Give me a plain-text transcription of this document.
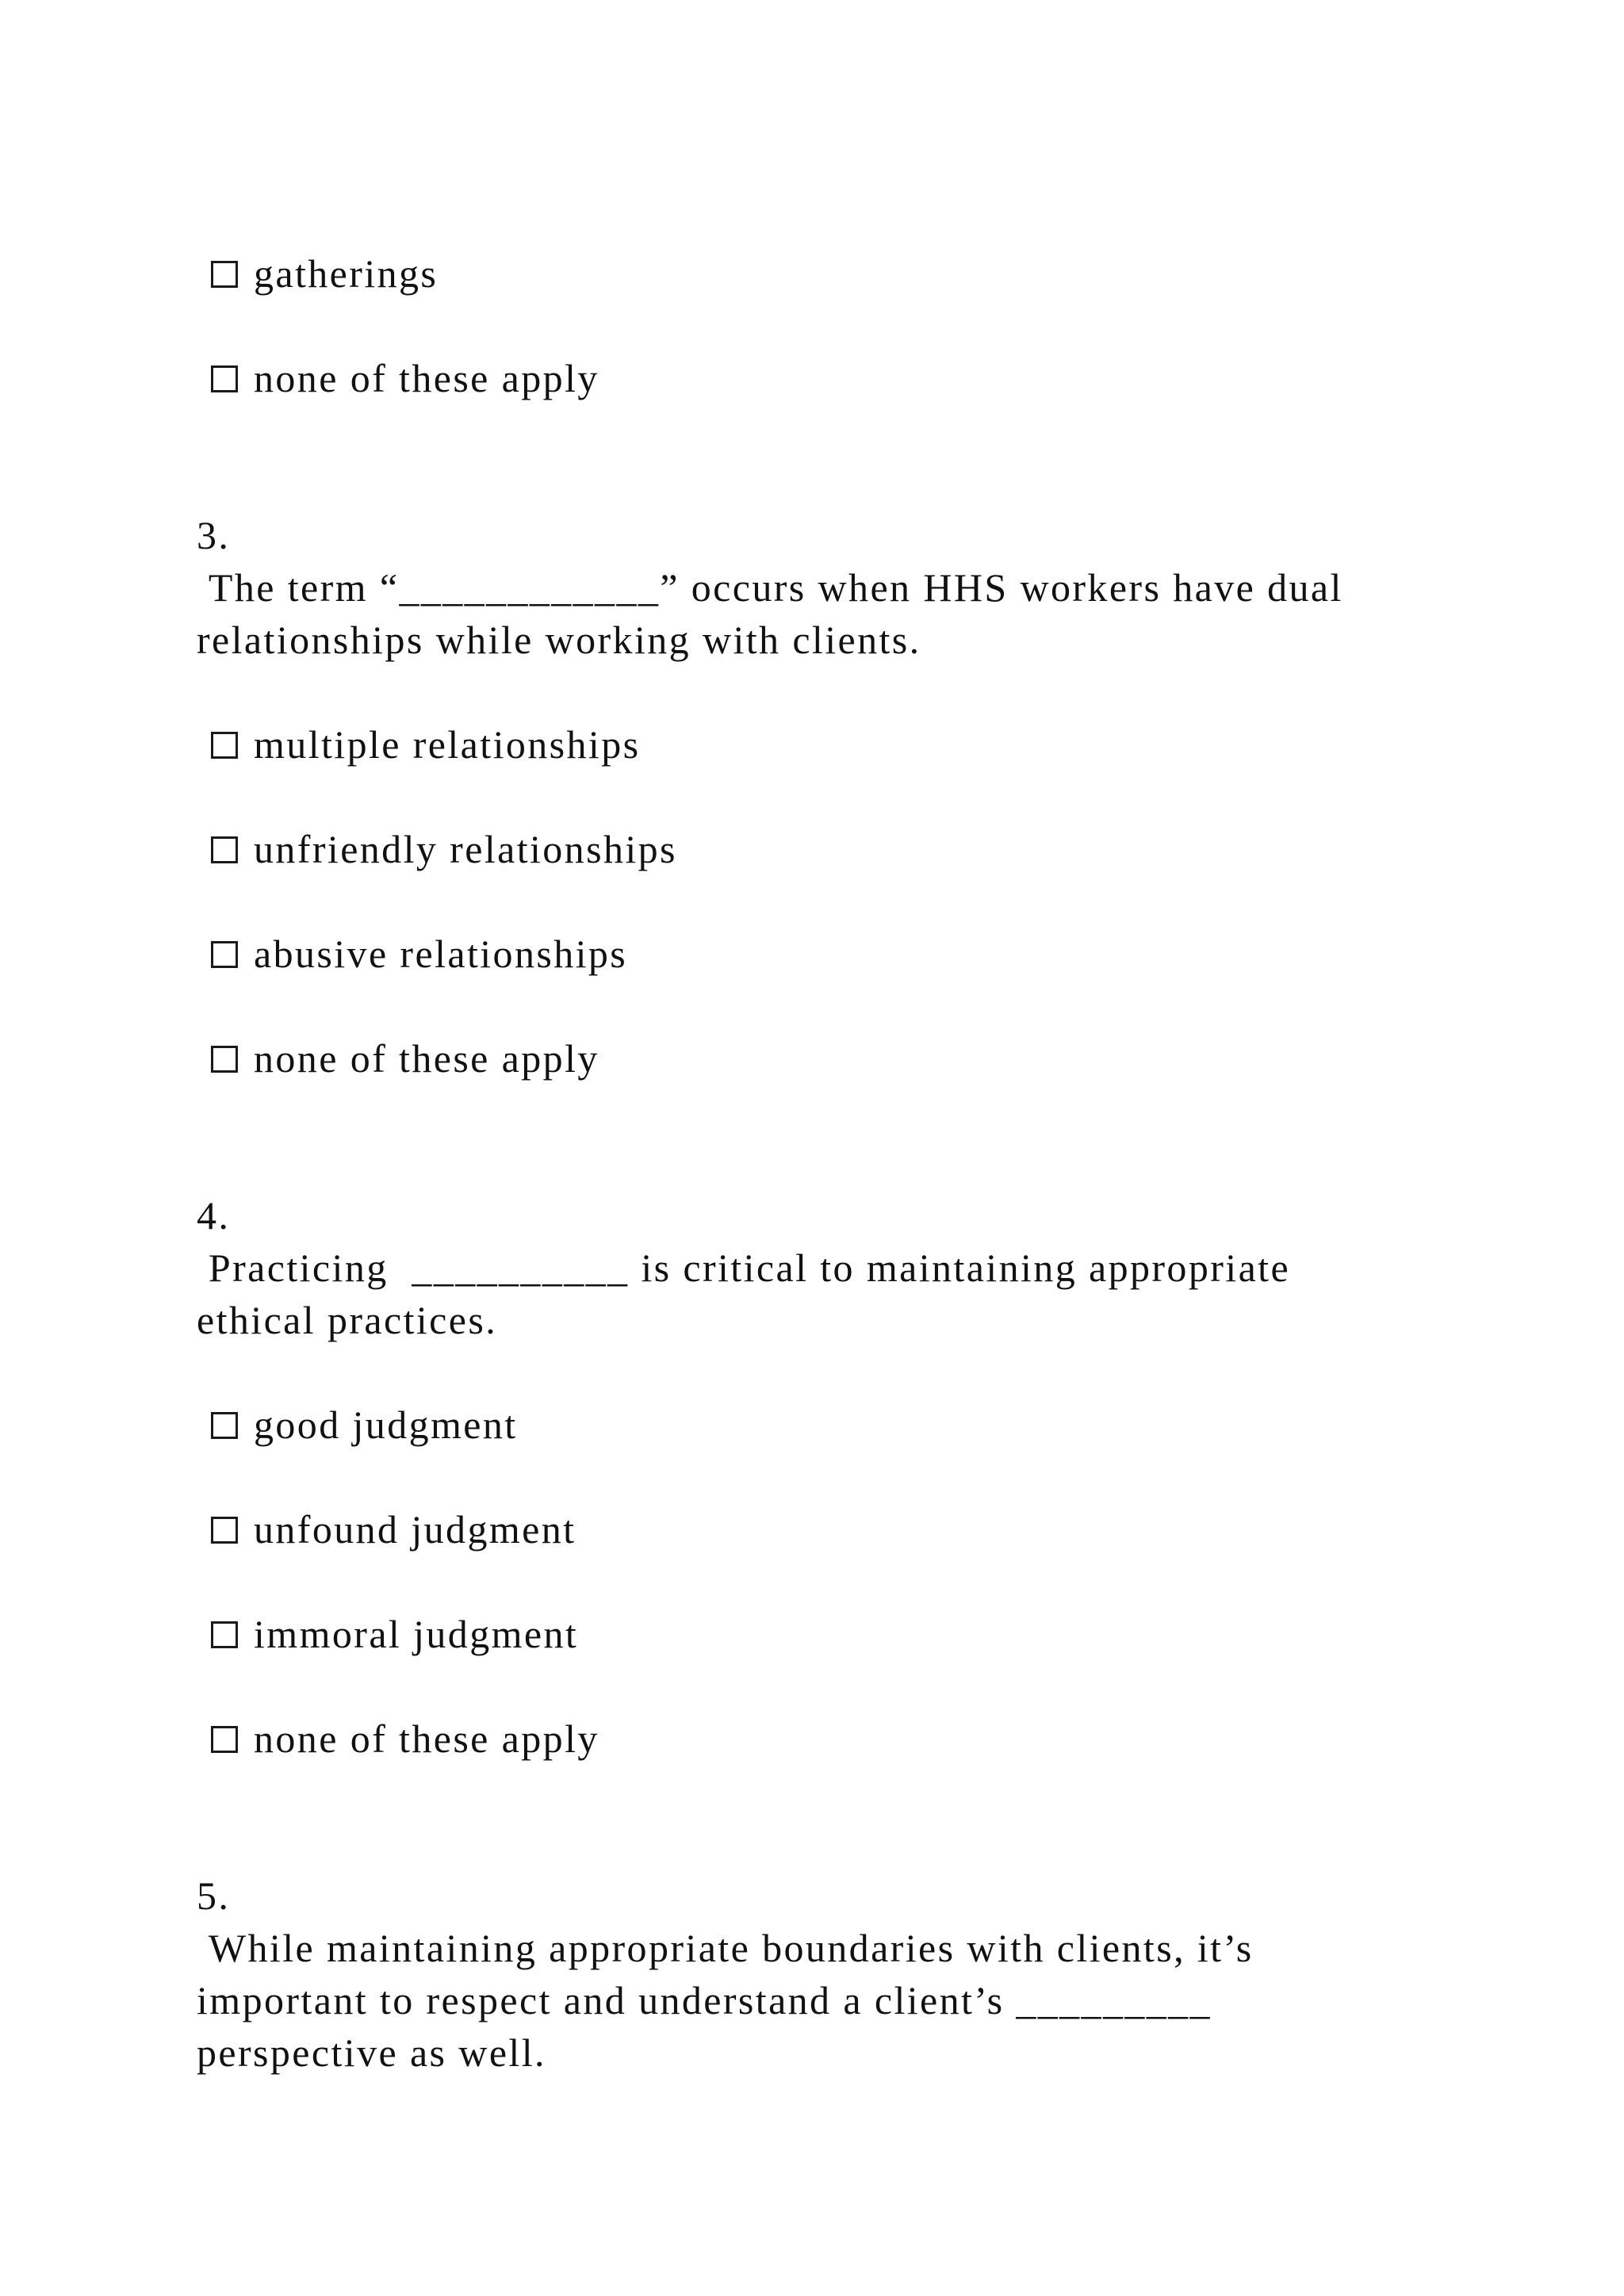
gatherings
none of these apply
3.
The term “____________” occurs when HHS workers have dual
relationships while working with clients.
multiple relationships
unfriendly relationships
abusive relationships
none of these apply
4.
Practicing  __________ is critical to maintaining appropriate
ethical practices.
good judgment
unfound judgment
immoral judgment
none of these apply
5.
While maintaining appropriate boundaries with clients, it’s
important to respect and understand a client’s _________
perspective as well.
